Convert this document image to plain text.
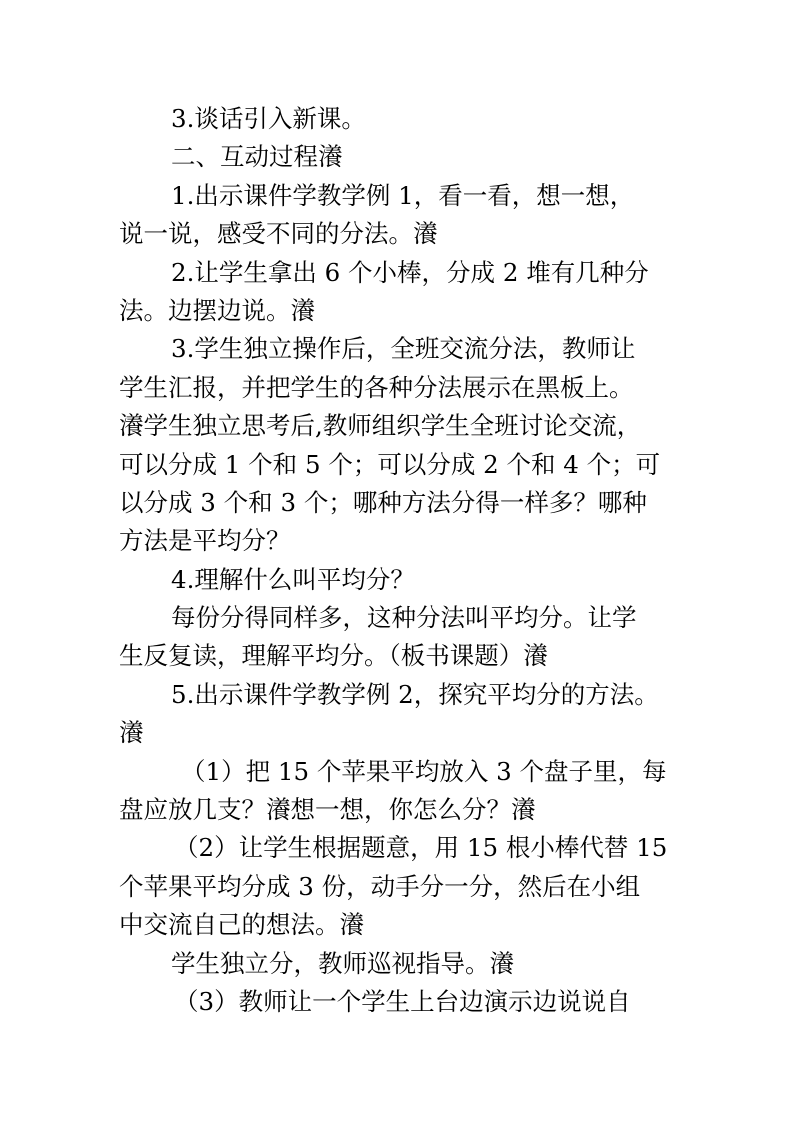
3.谈话引入新课。
二、互动过程瀁
1.出示课件学教学例 1，看一看，想一想，
说一说，感受不同的分法。瀁
2.让学生拿出 6 个小棒，分成 2 堆有几种分
法。边摆边说。瀁
3.学生独立操作后，全班交流分法，教师让
学生汇报，并把学生的各种分法展示在黑板上。
瀁学生独立思考后,教师组织学生全班讨论交流，
可以分成 1 个和 5 个；可以分成 2 个和 4 个；可
以分成 3 个和 3 个；哪种方法分得一样多？哪种
方法是平均分？
4.理解什么叫平均分？
每份分得同样多，这种分法叫平均分。让学
生反复读，理解平均分。（板书课题）瀁
5.出示课件学教学例 2，探究平均分的方法。
瀁
（1）把 15 个苹果平均放入 3 个盘子里，每
盘应放几支？瀁想一想，你怎么分？瀁
（2）让学生根据题意，用 15 根小棒代替 15
个苹果平均分成 3 份，动手分一分，然后在小组
中交流自己的想法。瀁
学生独立分，教师巡视指导。瀁
（3）教师让一个学生上台边演示边说说自
